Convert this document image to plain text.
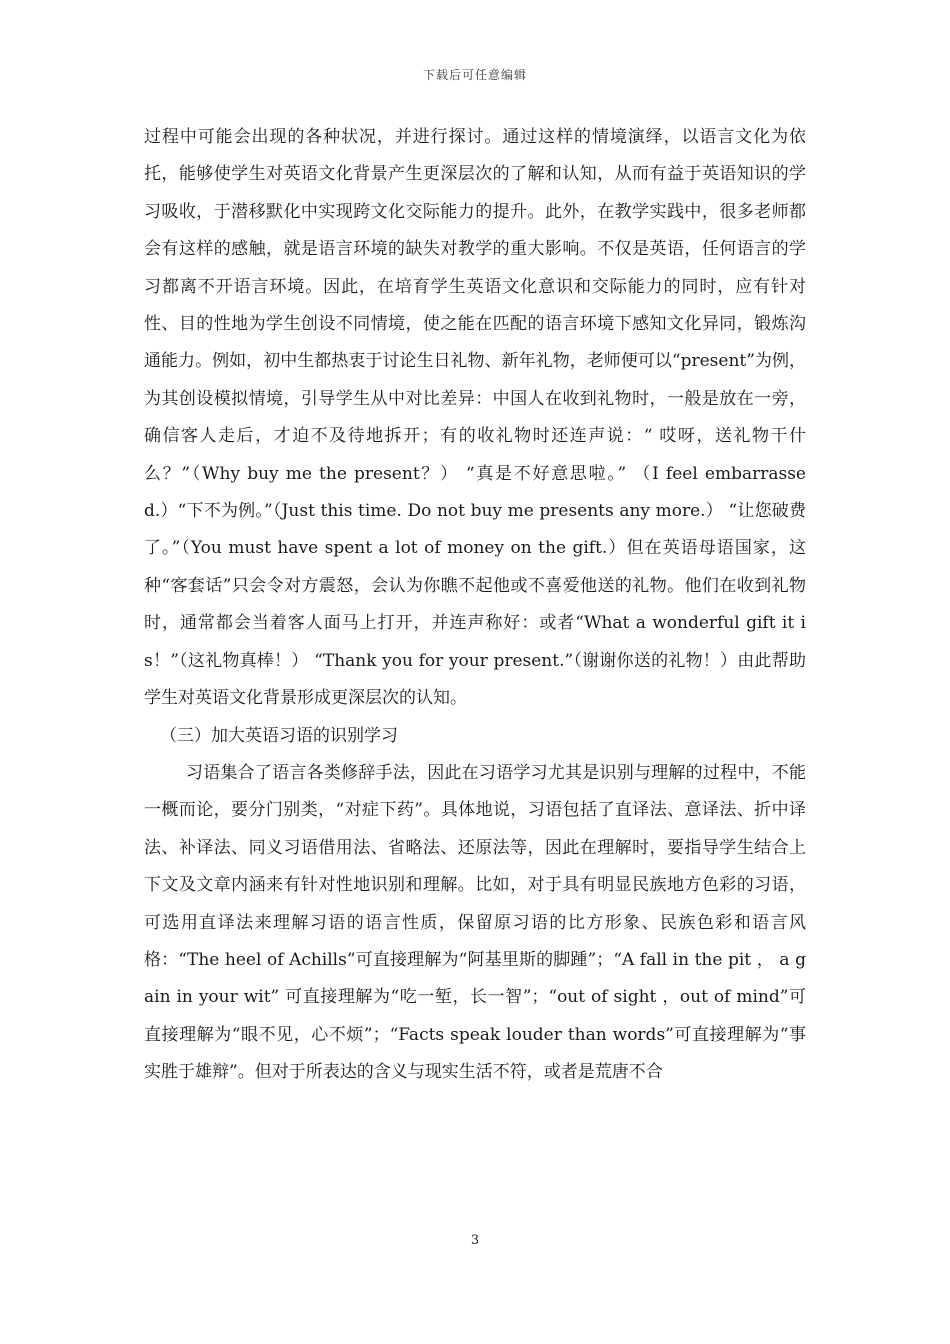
下载后可任意编辑

过程中可能会出现的各种状况，并进行探讨。通过这样的情境演绎，以语言文化为依托，能够使学生对英语文化背景产生更深层次的了解和认知，从而有益于英语知识的学习吸收，于潜移默化中实现跨文化交际能力的提升。此外，在教学实践中，很多老师都会有这样的感触，就是语言环境的缺失对教学的重大影响。不仅是英语，任何语言的学习都离不开语言环境。因此，在培育学生英语文化意识和交际能力的同时，应有针对性、目的性地为学生创设不同情境，使之能在匹配的语言环境下感知文化异同，锻炼沟通能力。例如，初中生都热衷于讨论生日礼物、新年礼物，老师便可以“present”为例，为其创设模拟情境，引导学生从中对比差异：中国人在收到礼物时，一般是放在一旁，确信客人走后，才迫不及待地拆开；有的收礼物时还连声说：“ 哎呀，送礼物干什么？”（Why buy me the present？） “真是不好意思啦。” （I feel embarrassed.）“下不为例。”（Just this time. Do not buy me presents any more.） “让您破费了。”（You must have spent a lot of money on the gift.）但在英语母语国家，这种“客套话”只会令对方震怒，会认为你瞧不起他或不喜爱他送的礼物。他们在收到礼物时，通常都会当着客人面马上打开，并连声称好：或者“What a wonderful gift it is！”（这礼物真棒！） “Thank you for your present.”（谢谢你送的礼物！）由此帮助学生对英语文化背景形成更深层次的认知。

（三）加大英语习语的识别学习

习语集合了语言各类修辞手法，因此在习语学习尤其是识别与理解的过程中，不能一概而论，要分门别类，“对症下药”。具体地说，习语包括了直译法、意译法、折中译法、补译法、同义习语借用法、省略法、还原法等，因此在理解时，要指导学生结合上下文及文章内涵来有针对性地识别和理解。比如，对于具有明显民族地方色彩的习语，可选用直译法来理解习语的语言性质，保留原习语的比方形象、民族色彩和语言风格：“The heel of Achills”可直接理解为“阿基里斯的脚踵”；“A fall in the pit ， a gain in your wit” 可直接理解为“吃一堑，长一智”；“out of sight ，out of mind”可直接理解为“眼不见，心不烦”；“Facts speak louder than words”可直接理解为“事实胜于雄辩”。但对于所表达的含义与现实生活不符，或者是荒唐不合

3
